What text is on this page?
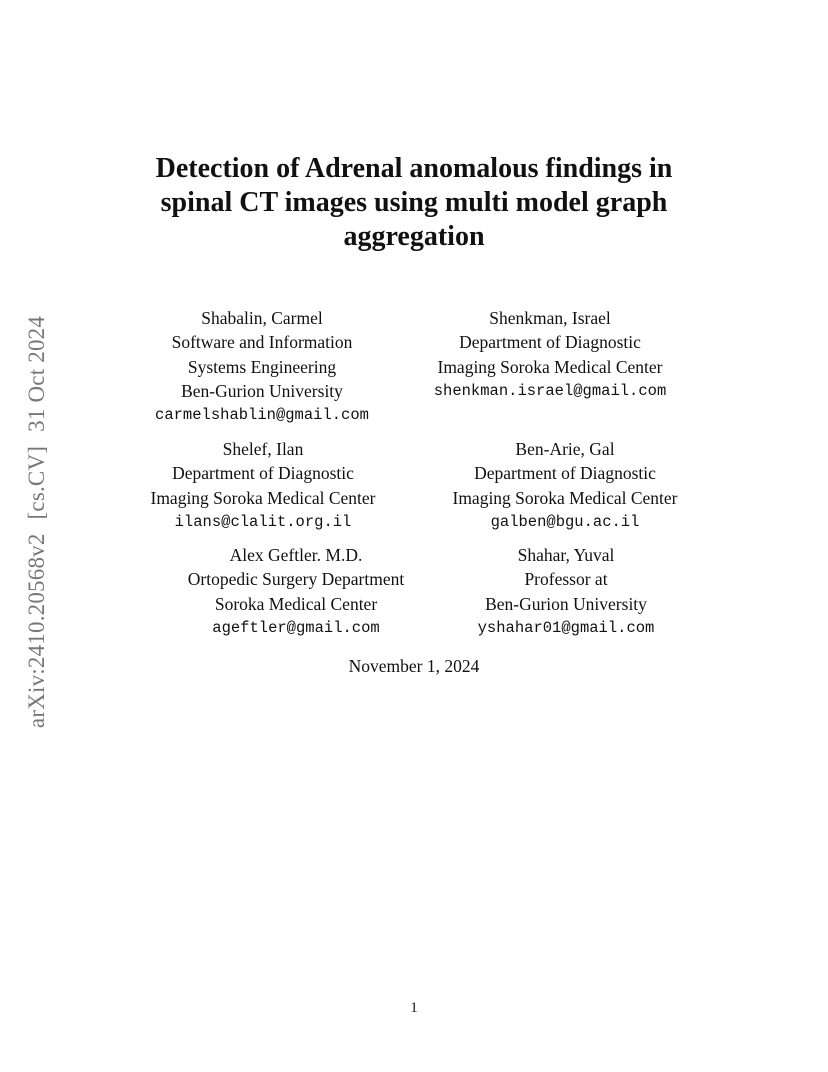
arXiv:2410.20568v2[cs.CV]31 Oct 2024
Detection of Adrenal anomalous findings in
spinal CT images using multi model graph
aggregation
Shabalin, Carmel
Software and Information
Systems Engineering
Ben-Gurion University
carmelshablin@gmail.com
Shenkman, Israel
Department of Diagnostic
Imaging Soroka Medical Center
shenkman.israel@gmail.com
Shelef, Ilan
Department of Diagnostic
Imaging Soroka Medical Center
ilans@clalit.org.il
Ben-Arie, Gal
Department of Diagnostic
Imaging Soroka Medical Center
galben@bgu.ac.il
Alex Geftler. M.D.
Ortopedic Surgery Department
Soroka Medical Center
ageftler@gmail.com
Shahar, Yuval
Professor at
Ben-Gurion University
yshahar01@gmail.com
November 1, 2024
1
